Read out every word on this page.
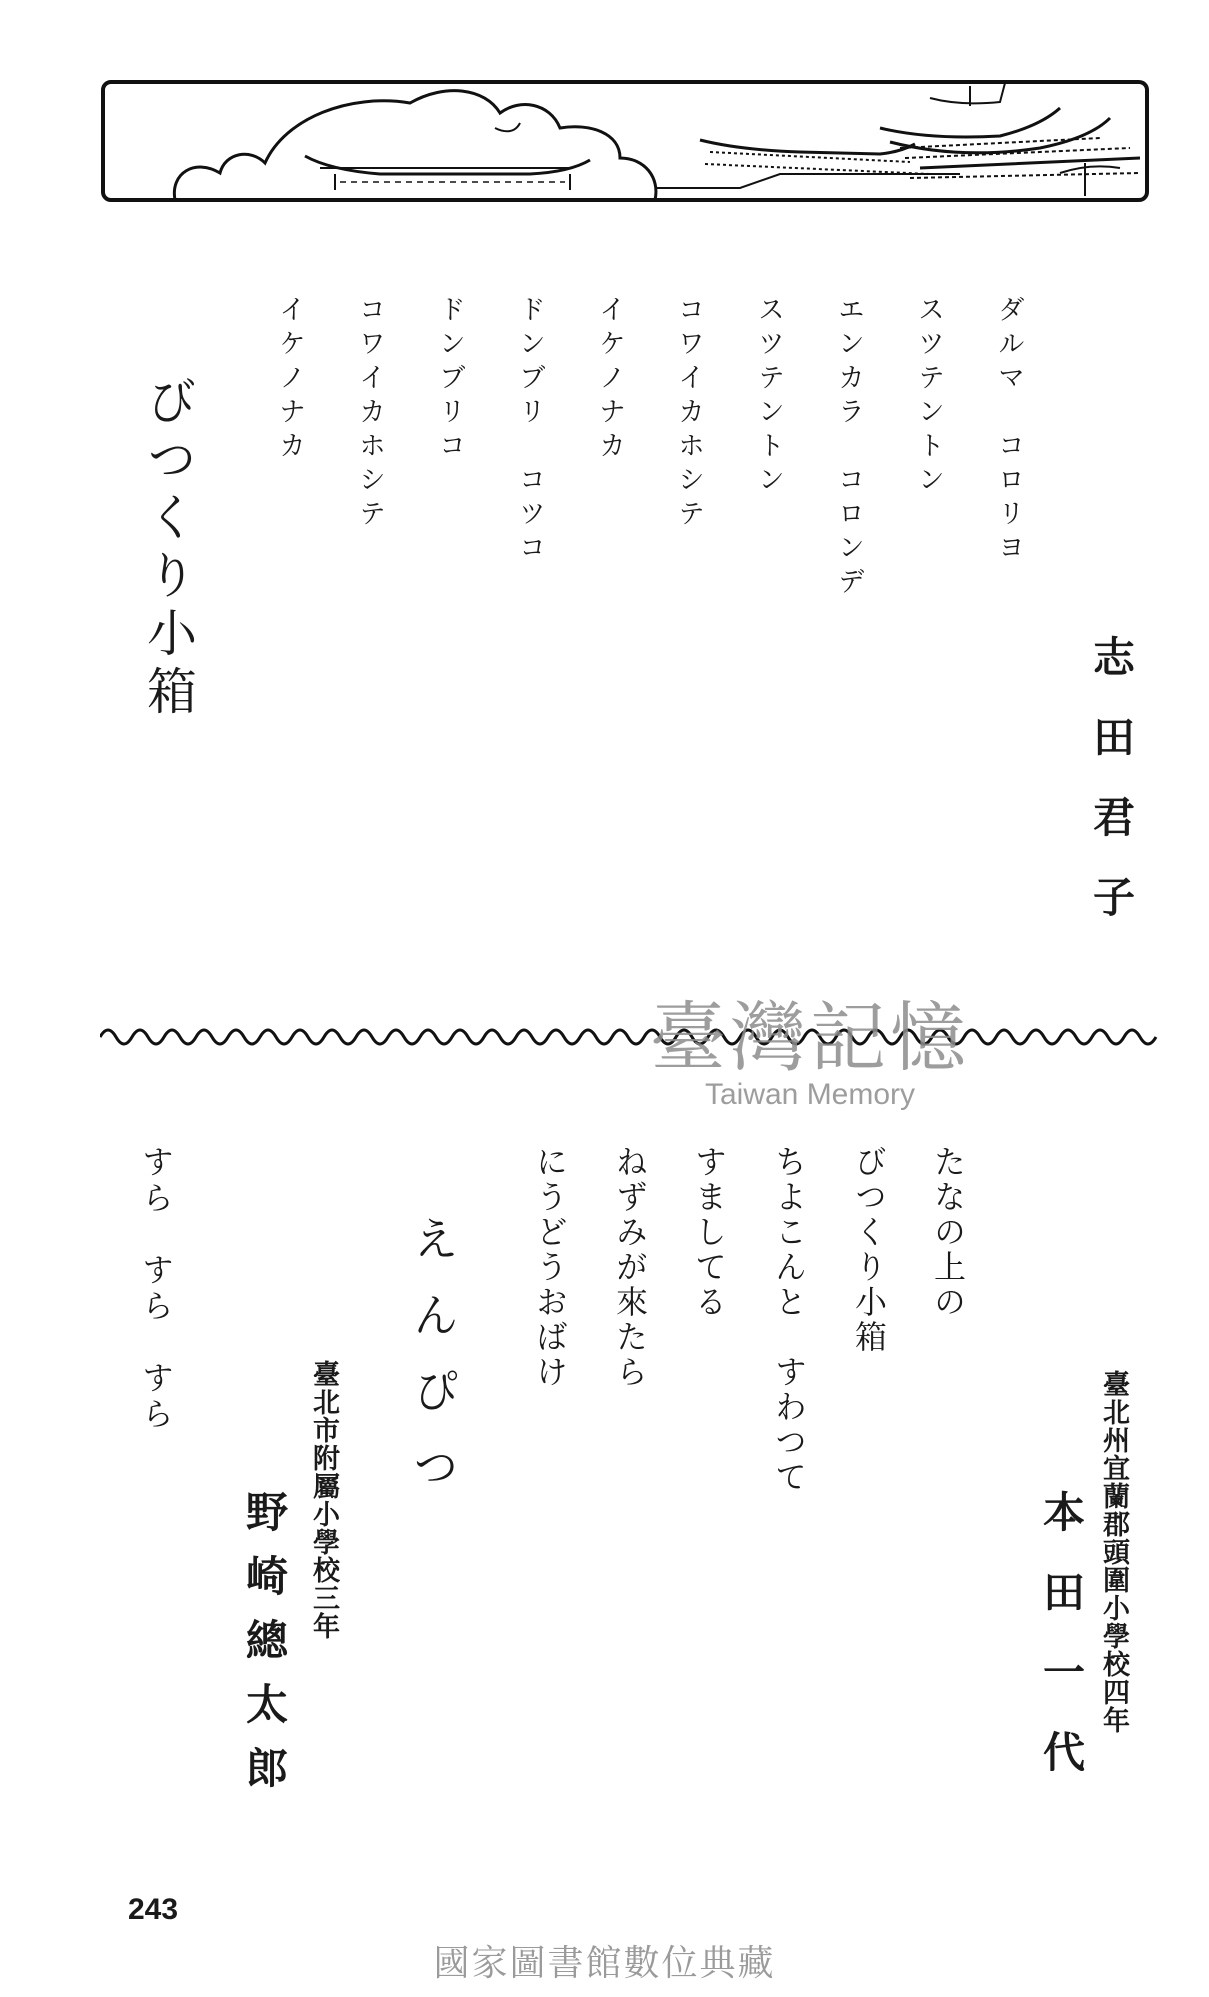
志田君子
ダルマ　コロリヨ
スツテントン
エンカラ　コロンデ
スツテントン
コワイカホシテ
イケノナカ
ドンブリ　コツコ
ドンブリコ
コワイカホシテ
イケノナカ
びつくり小箱
臺灣記憶
Taiwan Memory
臺北州宜蘭郡頭圍小學校四年
本田一代
たなの上の
びつくり小箱
ちよこんと　すわつて
すましてる
ねずみが來たら
にうどうおばけ
えんぴつ
臺北市附屬小學校三年
野崎總太郎
すら　すら　すら
243
國家圖書館數位典藏
